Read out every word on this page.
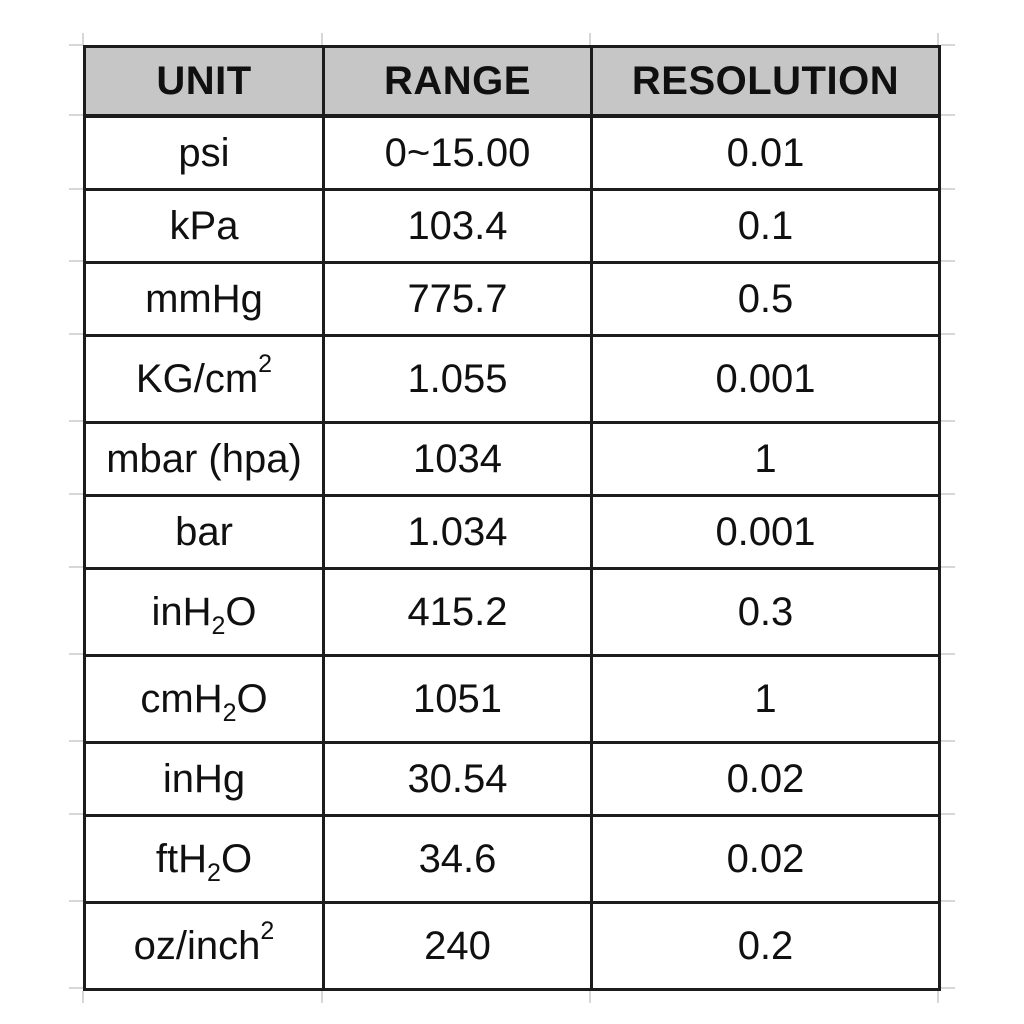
UNIT	RANGE	RESOLUTION
psi	0~15.00	0.01
kPa	103.4	0.1
mmHg	775.7	0.5
$KG/cm^2$	1.055	0.001
mbar (hpa)	1034	1
bar	1.034	0.001
inH$_2$O	415.2	0.3
cmH$_2$O	1051	1
inHg	30.54	0.02
ftH$_2$O	34.6	0.02
oz/inch$^2$	240	0.2
